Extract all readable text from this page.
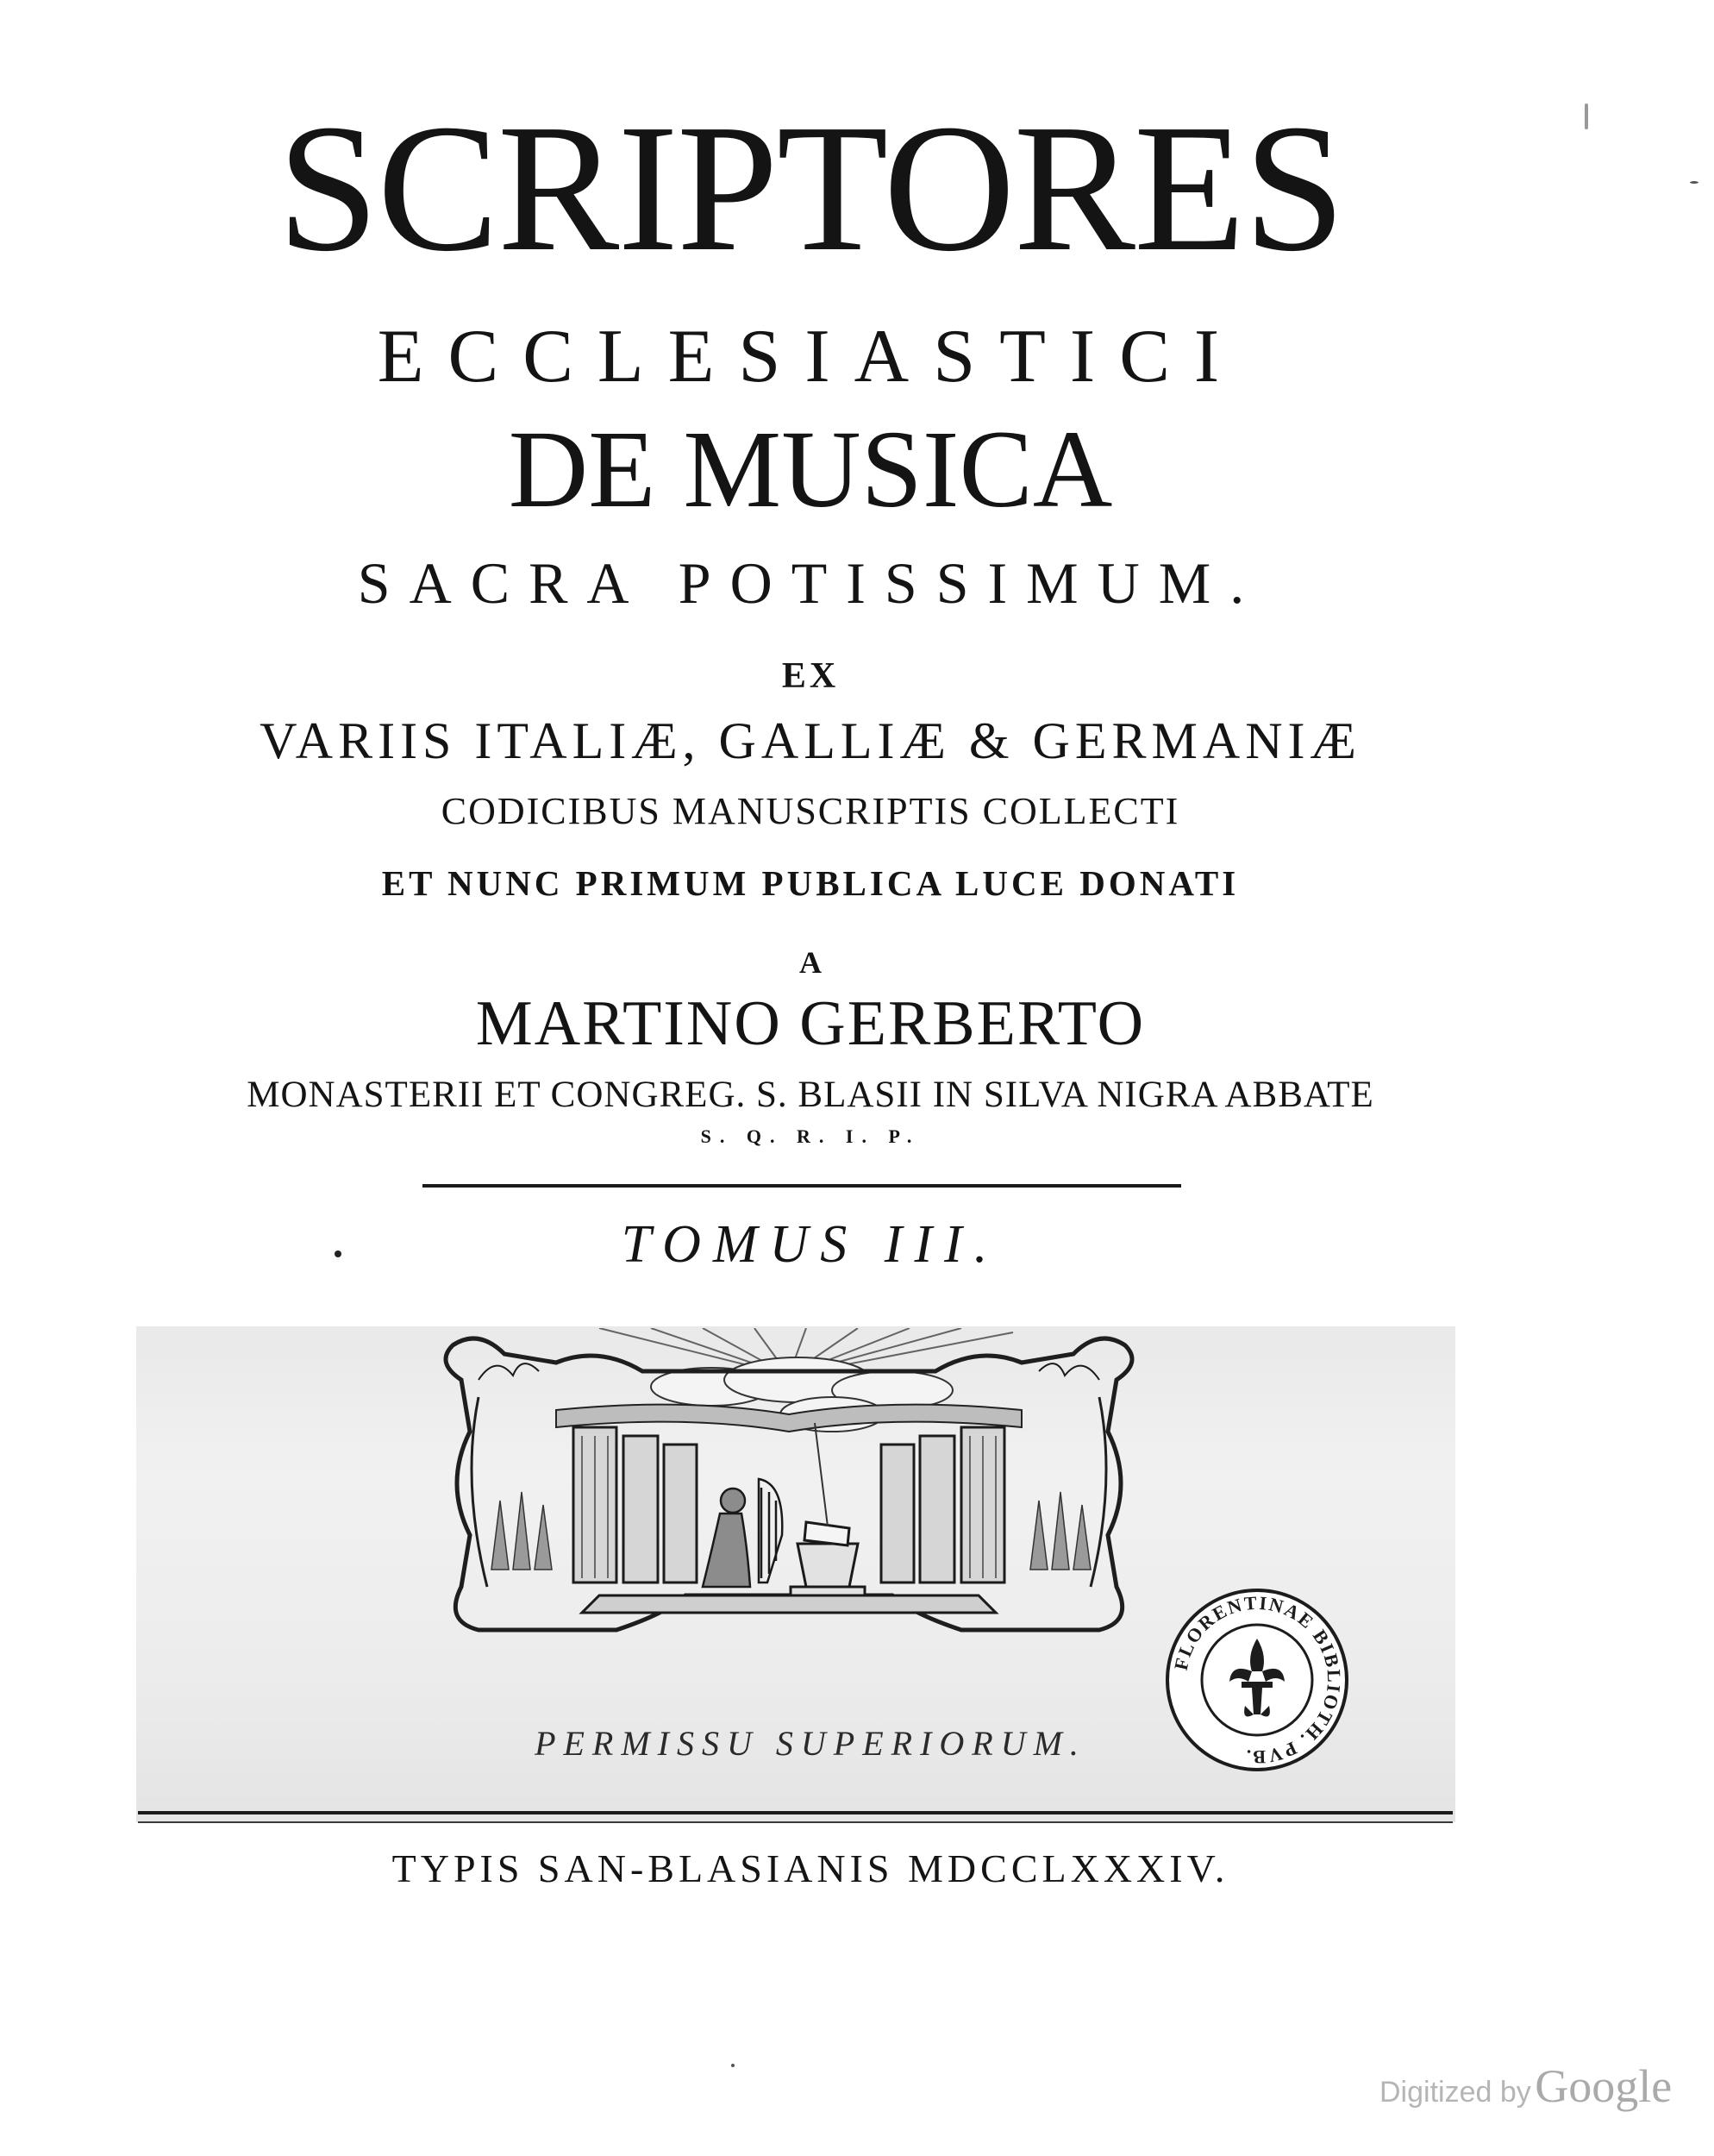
SCRIPTORES
ECCLESIASTICI
DE MUSICA
SACRA POTISSIMUM.
EX
VARIIS ITALIÆ, GALLIÆ & GERMANIÆ
CODICIBUS MANUSCRIPTIS COLLECTI
ET NUNC PRIMUM PUBLICA LUCE DONATI
A
MARTINO GERBERTO
MONASTERII ET CONGREG. S. BLASII IN SILVA NIGRA ABBATE
S. Q. R. I. P.
TOMUS III.
PERMISSU SUPERIORUM.
FLORENTINAE BIBLIOTH. PVB.
TYPIS SAN-BLASIANIS MDCCLXXXIV.
Digitized by Google
